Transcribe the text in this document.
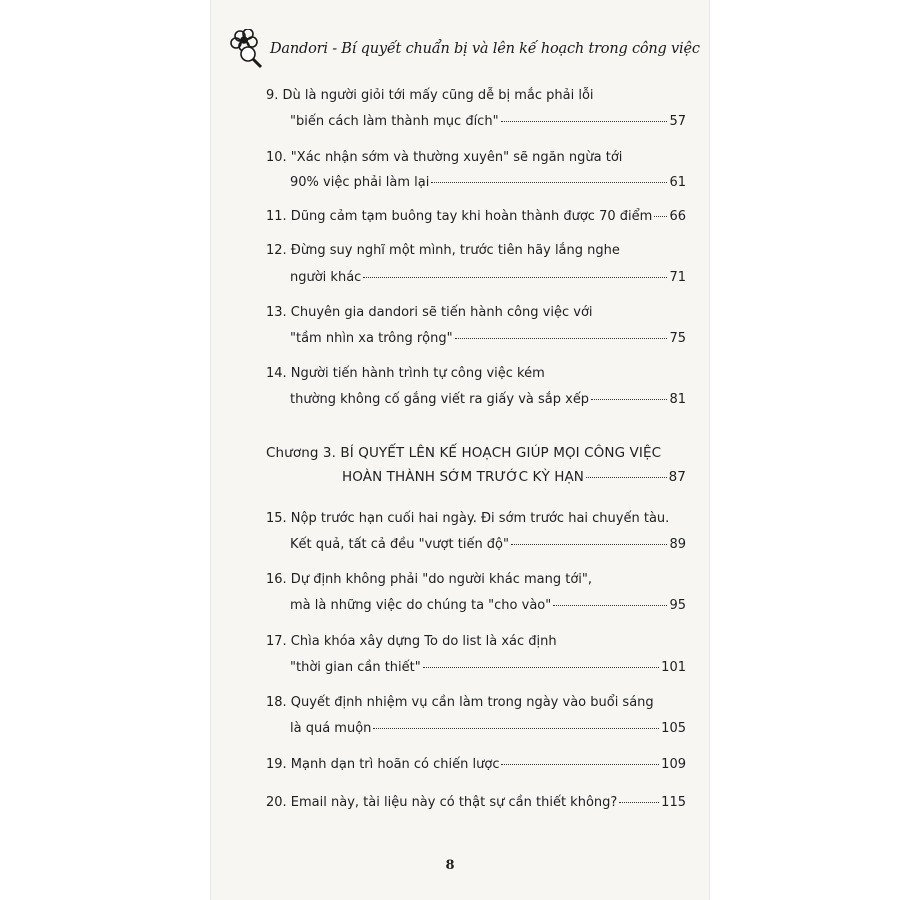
Dandori - Bí quyết chuẩn bị và lên kế hoạch trong công việc
9. Dù là người giỏi tới mấy cũng dễ bị mắc phải lỗi
"biến cách làm thành mục đích"	57
10. "Xác nhận sớm và thường xuyên" sẽ ngăn ngừa tới
90% việc phải làm lại	61
11. Dũng cảm tạm buông tay khi hoàn thành được 70 điểm 66
12. Đừng suy nghĩ một mình, trước tiên hãy lắng nghe
người khác	71
13. Chuyên gia dandori sẽ tiến hành công việc với
"tầm nhìn xa trông rộng"	75
14. Người tiến hành trình tự công việc kém
thường không cố gắng viết ra giấy và sắp xếp	81
Chương 3. BÍ QUYẾT LÊN KẾ HOẠCH GIÚP MỌI CÔNG VIỆC
HOÀN THÀNH SỚM TRƯỚC KỲ HẠN	87
15. Nộp trước hạn cuối hai ngày. Đi sớm trước hai chuyến tàu.
Kết quả, tất cả đều "vượt tiến độ"	89
16. Dự định không phải "do người khác mang tới",
mà là những việc do chúng ta "cho vào"	95
17. Chìa khóa xây dựng To do list là xác định
"thời gian cần thiết"	101
18. Quyết định nhiệm vụ cần làm trong ngày vào buổi sáng
là quá muộn	105
19. Mạnh dạn trì hoãn có chiến lược	109
20. Email này, tài liệu này có thật sự cần thiết không?	115
8
